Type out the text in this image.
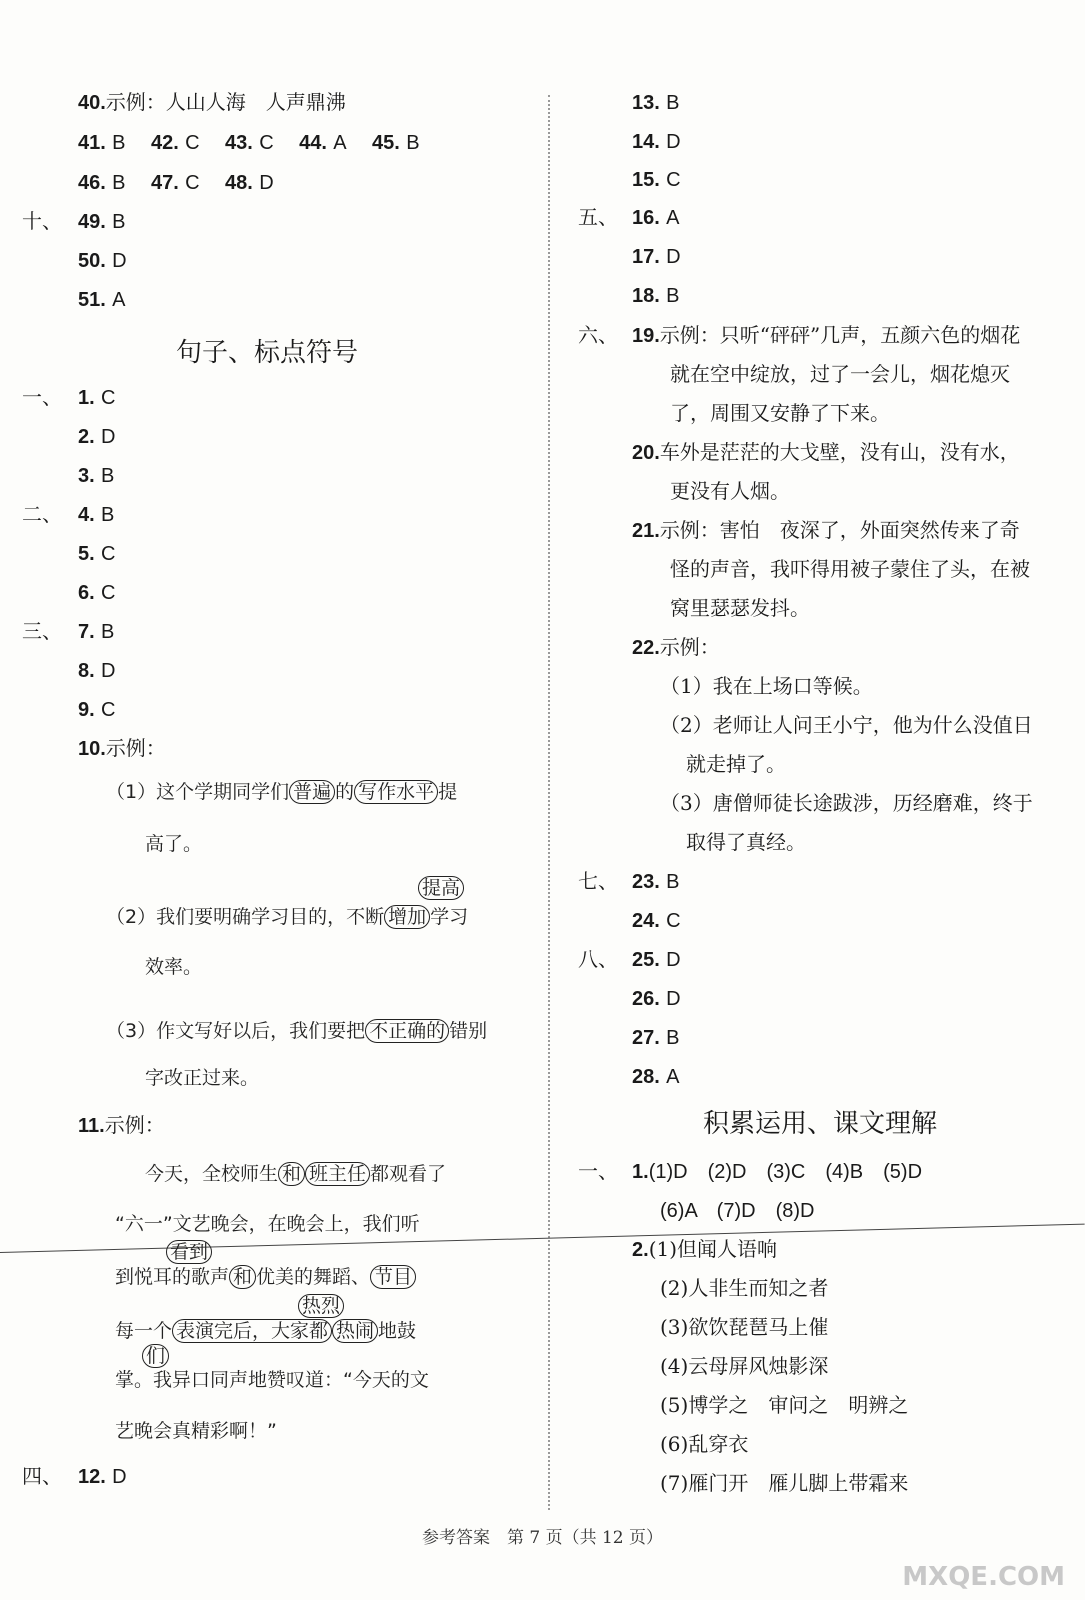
40.示例：人山人海　人声鼎沸
41. B 42. C 43. C 44. A 45. B
46. B 47. C 48. D
十、 49. B
50. D
51. A
句子、标点符号
一、 1. C
2. D
3. B
二、 4. B
5. C
6. C
三、 7. B
8. D
9. C
10.示例：
（1）这个学期同学们 普遍 的 写作水平 提
高了。
提高
（2）我们要明确学习目的，不断 增加 学习
效率。
（3）作文写好以后，我们要把 不正确的 错别
字改正过来。
11.示例：
今天，全校师生 和 班主任 都观看了
“六一”文艺晚会，在晚会上，我们听
看到
到悦耳的歌声 和 优美的舞蹈、 节目
热烈
每一个 表演完后，大家都 热闹 地鼓
们
掌。我异口同声地赞叹道：“今天的文
艺晚会真精彩啊！”
四、 12. D
13. B
14. D
15. C
五、 16. A
17. D
18. B
六、 19.示例：只听“砰砰”几声，五颜六色的烟花
就在空中绽放，过了一会儿，烟花熄灭
了，周围又安静了下来。
20.车外是茫茫的大戈壁，没有山，没有水，
更没有人烟。
21.示例：害怕　夜深了，外面突然传来了奇
怪的声音，我吓得用被子蒙住了头，在被
窝里瑟瑟发抖。
22.示例：
（1）我在上场口等候。
（2）老师让人问王小宁，他为什么没值日
就走掉了。
（3）唐僧师徒长途跋涉，历经磨难，终于
取得了真经。
七、 23. B
24. C
八、 25. D
26. D
27. B
28. A
积累运用、课文理解
一、 1.(1)D　(2)D　(3)C　(4)B　(5)D
(6)A　(7)D　(8)D
2.(1)但闻人语响
(2)人非生而知之者
(3)欲饮琵琶马上催
(4)云母屏风烛影深
(5)博学之　审问之　明辨之
(6)乱穿衣
(7)雁门开　雁儿脚上带霜来
参考答案　第 7 页（共 12 页）
MXQE.COM
